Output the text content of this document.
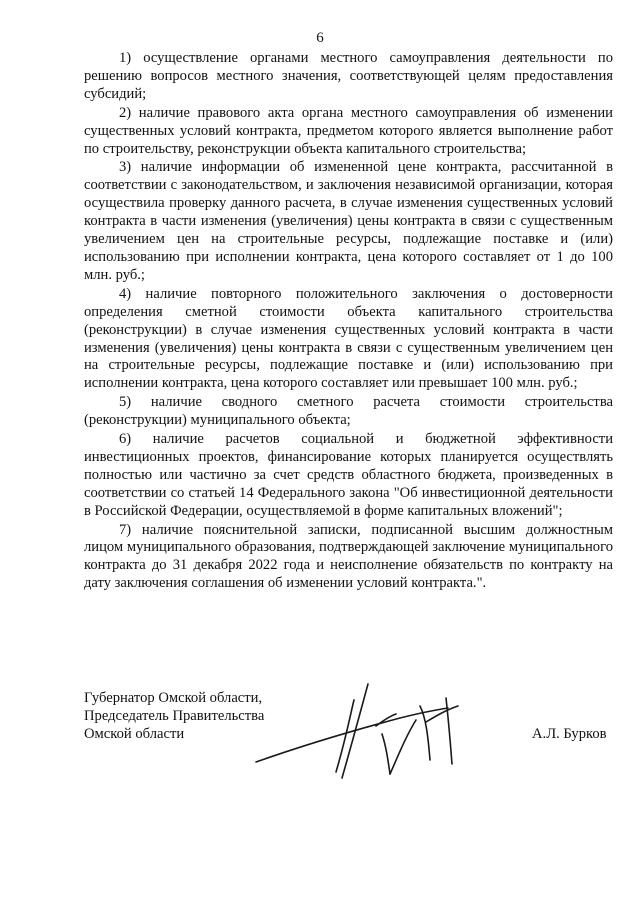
6

1) осуществление органами местного самоуправления деятельности по решению вопросов местного значения, соответствующей целям предоставления субсидий;

2) наличие правового акта органа местного самоуправления об изменении существенных условий контракта, предметом которого является выполнение работ по строительству, реконструкции объекта капитального строительства;

3) наличие информации об измененной цене контракта, рассчитанной в соответствии с законодательством, и заключения независимой организации, которая осуществила проверку данного расчета, в случае изменения существенных условий контракта в части изменения (увеличения) цены контракта в связи с существенным увеличением цен на строительные ресурсы, подлежащие поставке и (или) использованию при исполнении контракта, цена которого составляет от 1 до 100 млн. руб.;

4) наличие повторного положительного заключения о достоверности определения сметной стоимости объекта капитального строительства (реконструкции) в случае изменения существенных условий контракта в части изменения (увеличения) цены контракта в связи с существенным увеличением цен на строительные ресурсы, подлежащие поставке и (или) использованию при исполнении контракта, цена которого составляет или превышает 100 млн. руб.;

5) наличие сводного сметного расчета стоимости строительства (реконструкции) муниципального объекта;

6) наличие расчетов социальной и бюджетной эффективности инвестиционных проектов, финансирование которых планируется осуществлять полностью или частично за счет средств областного бюджета, произведенных в соответствии со статьей 14 Федерального закона "Об инвестиционной деятельности в Российской Федерации, осуществляемой в форме капитальных вложений";

7) наличие пояснительной записки, подписанной высшим должностным лицом муниципального образования, подтверждающей заключение муниципального контракта до 31 декабря 2022 года и неисполнение обязательств по контракту на дату заключения соглашения об изменении условий контракта.".

Губернатор Омской области,
Председатель Правительства
Омской области	А.Л. Бурков
